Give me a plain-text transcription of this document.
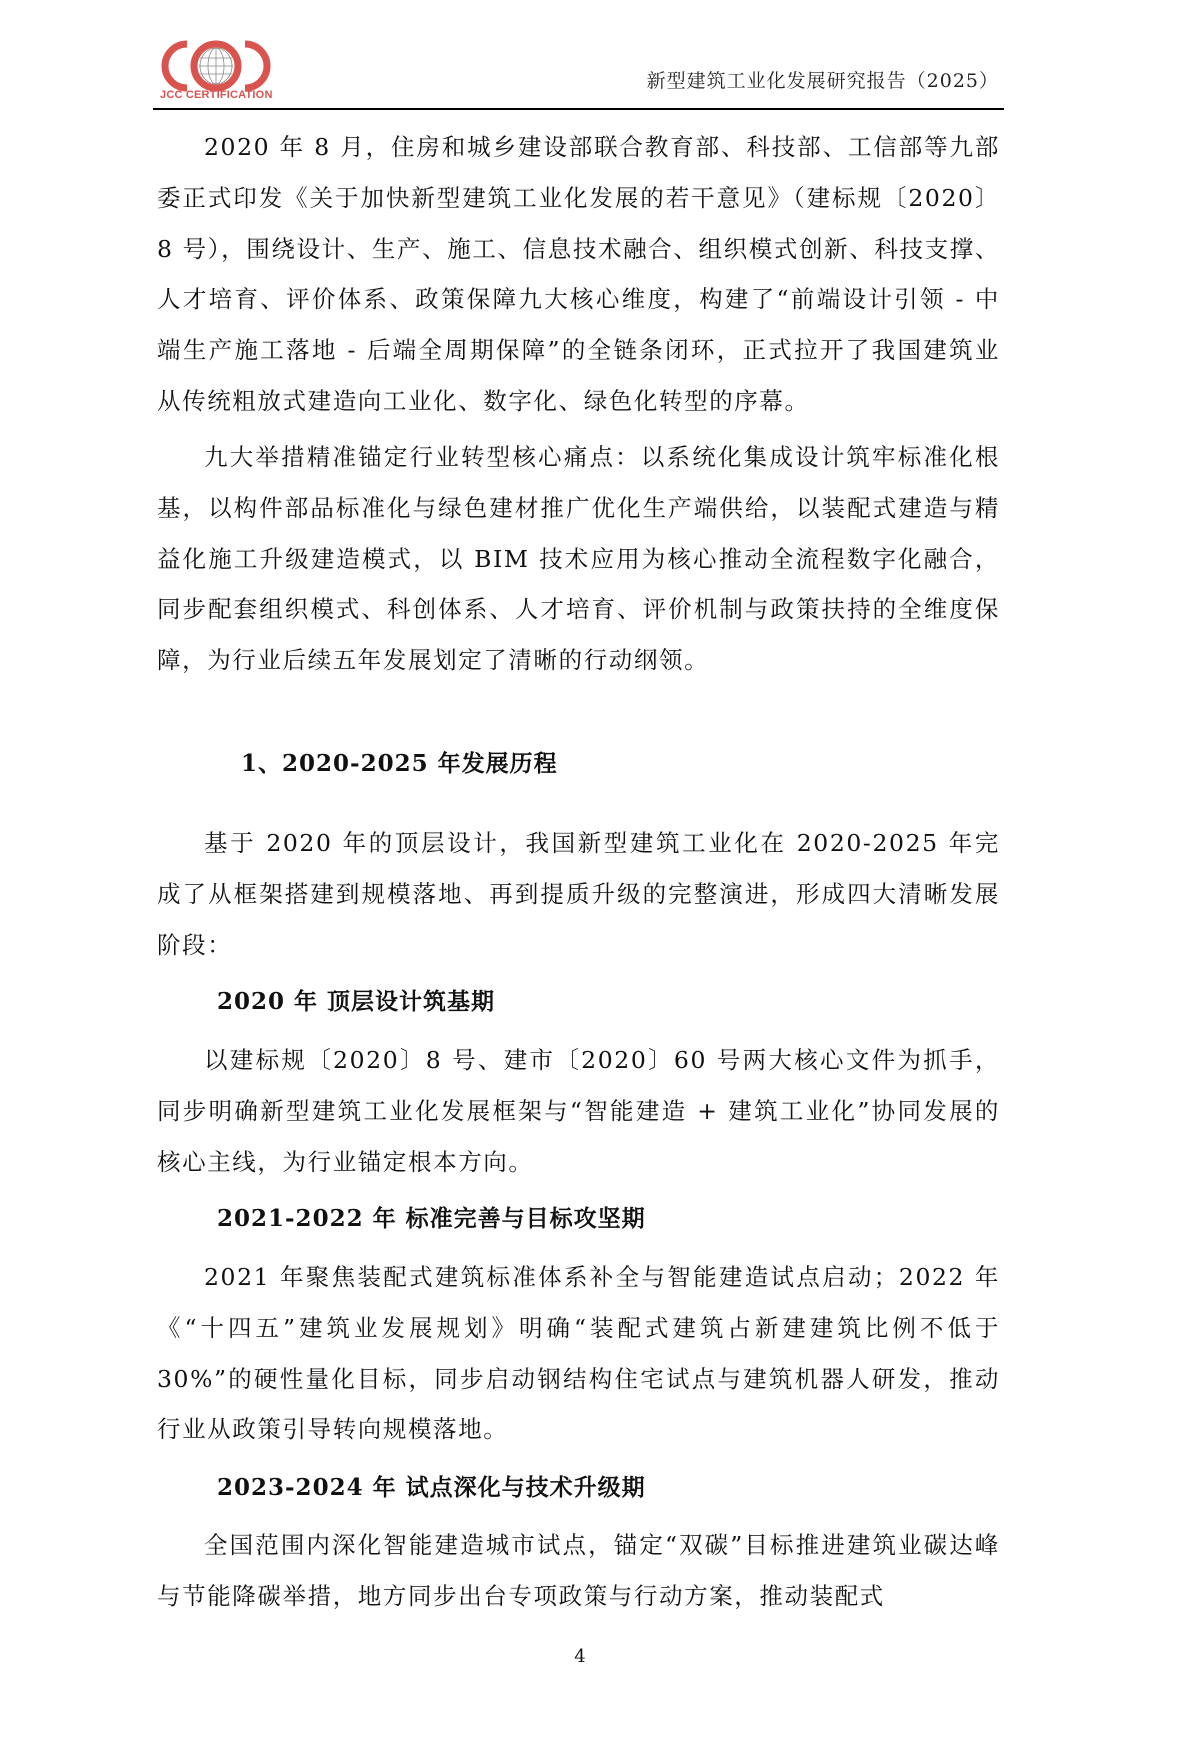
JCC CERTIFICATION
新型建筑工业化发展研究报告（2025）

2020 年 8 月，住房和城乡建设部联合教育部、科技部、工信部等九部委正式印发《关于加快新型建筑工业化发展的若干意见》（建标规〔2020〕8 号），围绕设计、生产、施工、信息技术融合、组织模式创新、科技支撑、人才培育、评价体系、政策保障九大核心维度，构建了“前端设计引领 - 中端生产施工落地 - 后端全周期保障”的全链条闭环，正式拉开了我国建筑业从传统粗放式建造向工业化、数字化、绿色化转型的序幕。

九大举措精准锚定行业转型核心痛点：以系统化集成设计筑牢标准化根基，以构件部品标准化与绿色建材推广优化生产端供给，以装配式建造与精益化施工升级建造模式，以 BIM 技术应用为核心推动全流程数字化融合，同步配套组织模式、科创体系、人才培育、评价机制与政策扶持的全维度保障，为行业后续五年发展划定了清晰的行动纲领。

1、2020-2025 年发展历程

基于 2020 年的顶层设计，我国新型建筑工业化在 2020-2025 年完成了从框架搭建到规模落地、再到提质升级的完整演进，形成四大清晰发展阶段：

2020 年 顶层设计筑基期

以建标规〔2020〕8 号、建市〔2020〕60 号两大核心文件为抓手，同步明确新型建筑工业化发展框架与“智能建造 + 建筑工业化”协同发展的核心主线，为行业锚定根本方向。

2021-2022 年 标准完善与目标攻坚期

2021 年聚焦装配式建筑标准体系补全与智能建造试点启动；2022 年《“十四五”建筑业发展规划》明确“装配式建筑占新建建筑比例不低于 30%”的硬性量化目标，同步启动钢结构住宅试点与建筑机器人研发，推动行业从政策引导转向规模落地。

2023-2024 年 试点深化与技术升级期

全国范围内深化智能建造城市试点，锚定“双碳”目标推进建筑业碳达峰与节能降碳举措，地方同步出台专项政策与行动方案，推动装配式

4
